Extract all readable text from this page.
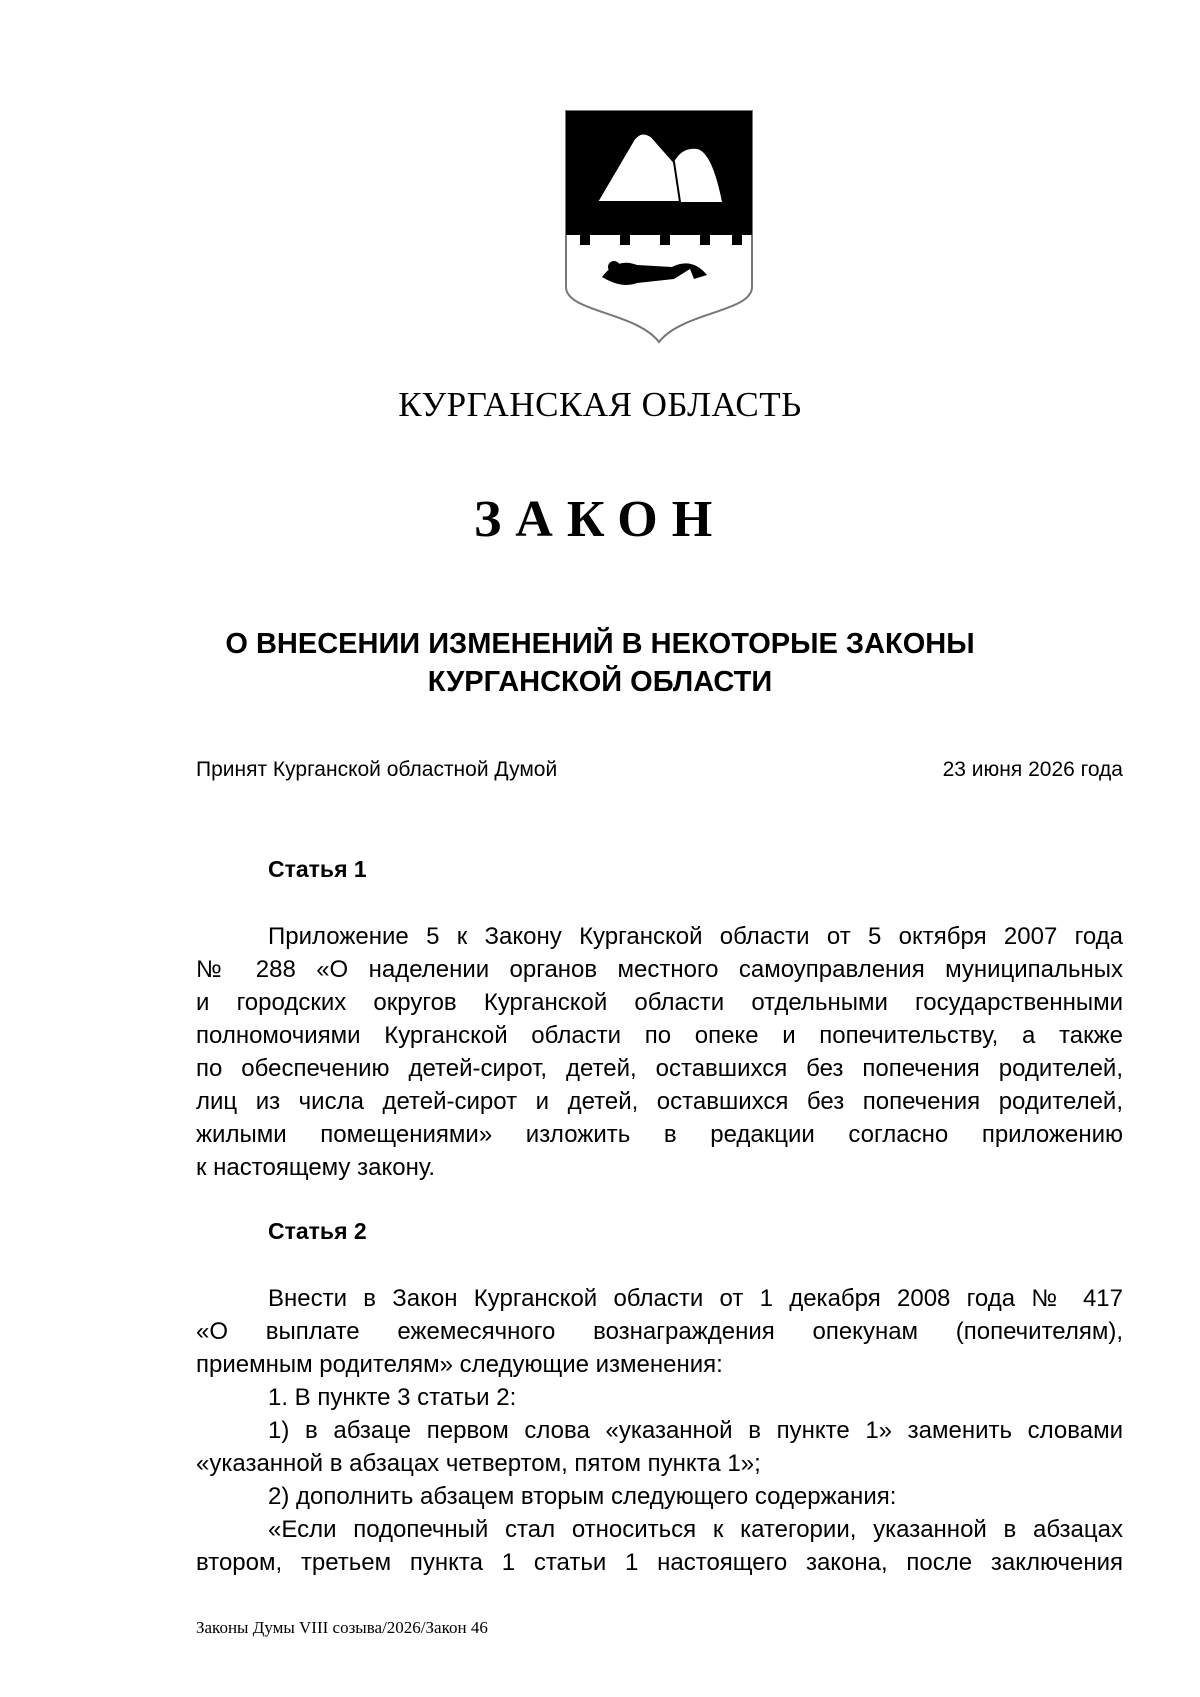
КУРГАНСКАЯ ОБЛАСТЬ
ЗАКОН
О ВНЕСЕНИИ ИЗМЕНЕНИЙ В НЕКОТОРЫЕ ЗАКОНЫ
КУРГАНСКОЙ ОБЛАСТИ
Принят Курганской областной Думой	23 июня 2026 года
Статья 1
Приложение 5 к Закону Курганской области от 5 октября 2007 года
№ 288 «О наделении органов местного самоуправления муниципальных
и городских округов Курганской области отдельными государственными
полномочиями Курганской области по опеке и попечительству, а также
по обеспечению детей-сирот, детей, оставшихся без попечения родителей,
лиц из числа детей-сирот и детей, оставшихся без попечения родителей,
жилыми помещениями» изложить в редакции согласно приложению
к настоящему закону.
Статья 2
Внести в Закон Курганской области от 1 декабря 2008 года № 417
«О выплате ежемесячного вознаграждения опекунам (попечителям),
приемным родителям» следующие изменения:
1. В пункте 3 статьи 2:
1) в абзаце первом слова «указанной в пункте 1» заменить словами
«указанной в абзацах четвертом, пятом пункта 1»;
2) дополнить абзацем вторым следующего содержания:
«Если подопечный стал относиться к категории, указанной в абзацах
втором, третьем пункта 1 статьи 1 настоящего закона, после заключения
Законы Думы VIII созыва/2026/Закон 46
